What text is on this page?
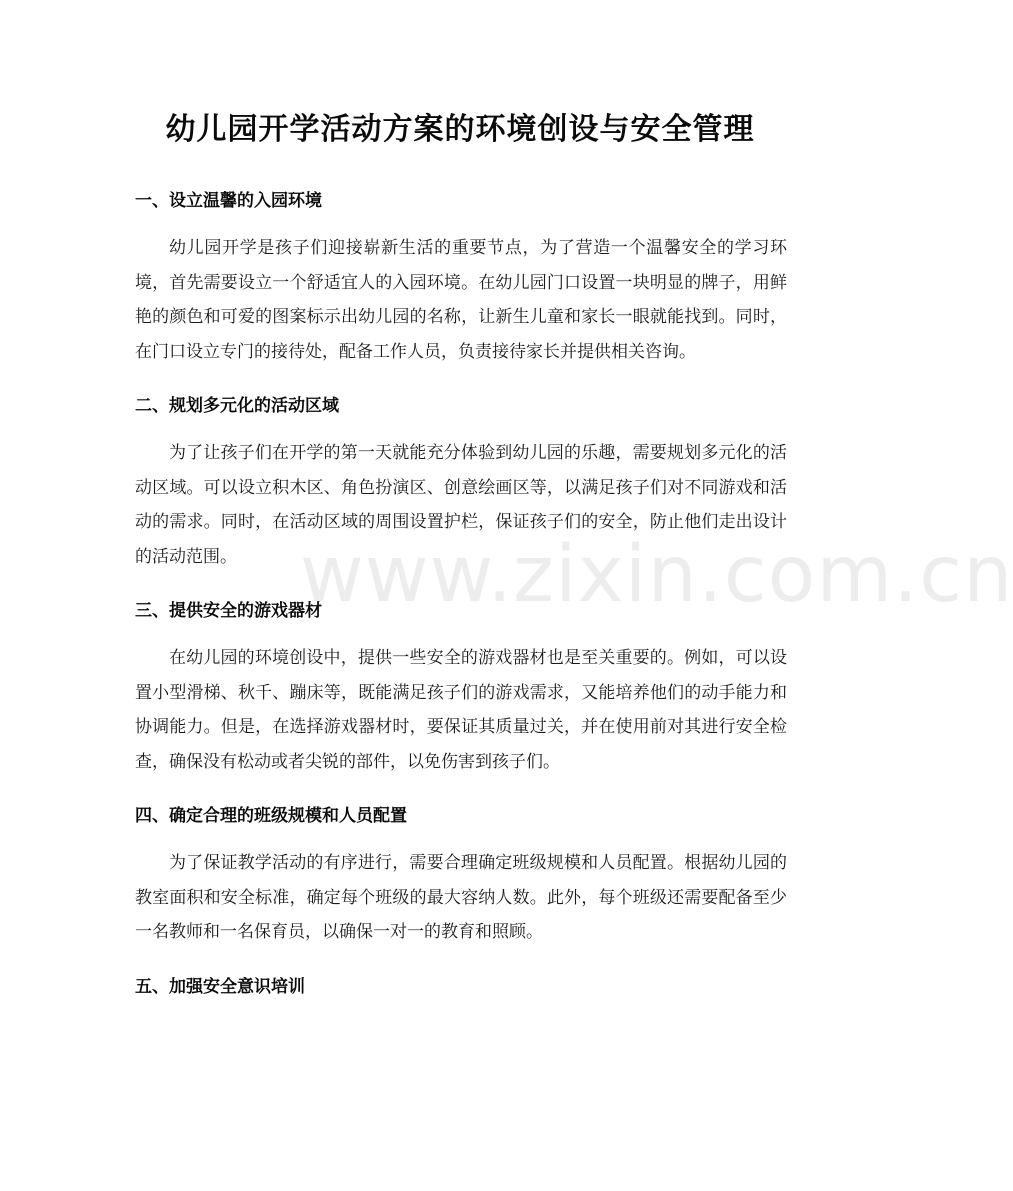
幼儿园开学活动方案的环境创设与安全管理
一、设立温馨的入园环境
幼儿园开学是孩子们迎接崭新生活的重要节点，为了营造一个温馨安全的学习环境，首先需要设立一个舒适宜人的入园环境。在幼儿园门口设置一块明显的牌子，用鲜艳的颜色和可爱的图案标示出幼儿园的名称，让新生儿童和家长一眼就能找到。同时，在门口设立专门的接待处，配备工作人员，负责接待家长并提供相关咨询。
二、规划多元化的活动区域
为了让孩子们在开学的第一天就能充分体验到幼儿园的乐趣，需要规划多元化的活动区域。可以设立积木区、角色扮演区、创意绘画区等，以满足孩子们对不同游戏和活动的需求。同时，在活动区域的周围设置护栏，保证孩子们的安全，防止他们走出设计的活动范围。
三、提供安全的游戏器材
在幼儿园的环境创设中，提供一些安全的游戏器材也是至关重要的。例如，可以设置小型滑梯、秋千、蹦床等，既能满足孩子们的游戏需求，又能培养他们的动手能力和协调能力。但是，在选择游戏器材时，要保证其质量过关，并在使用前对其进行安全检查，确保没有松动或者尖锐的部件，以免伤害到孩子们。
四、确定合理的班级规模和人员配置
为了保证教学活动的有序进行，需要合理确定班级规模和人员配置。根据幼儿园的教室面积和安全标准，确定每个班级的最大容纳人数。此外，每个班级还需要配备至少一名教师和一名保育员，以确保一对一的教育和照顾。
五、加强安全意识培训
www.zixin.com.cn
